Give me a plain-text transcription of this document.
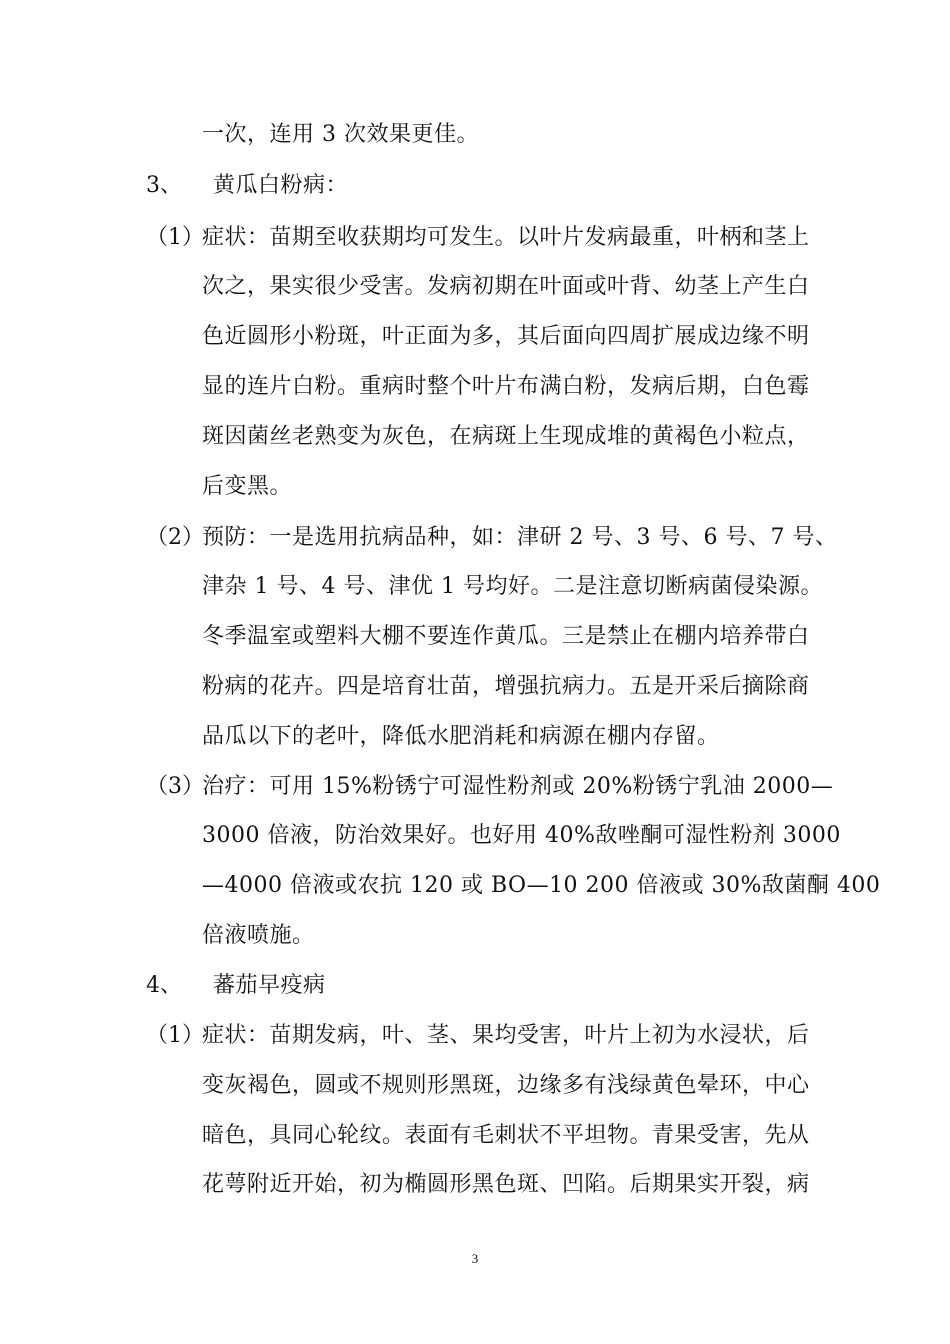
一次，连用 3 次效果更佳。
3、 黄瓜白粉病：
（1）
症状：苗期至收获期均可发生。以叶片发病最重，叶柄和茎上
次之，果实很少受害。发病初期在叶面或叶背、幼茎上产生白
色近圆形小粉斑，叶正面为多，其后面向四周扩展成边缘不明
显的连片白粉。重病时整个叶片布满白粉，发病后期，白色霉
斑因菌丝老熟变为灰色，在病斑上生现成堆的黄褐色小粒点，
后变黑。
（2）
预防：一是选用抗病品种，如：津研 2 号、3 号、6 号、7 号、
津杂 1 号、4 号、津优 1 号均好。二是注意切断病菌侵染源。
冬季温室或塑料大棚不要连作黄瓜。三是禁止在棚内培养带白
粉病的花卉。四是培育壮苗，增强抗病力。五是开采后摘除商
品瓜以下的老叶，降低水肥消耗和病源在棚内存留。
（3）
治疗：可用 15%粉锈宁可湿性粉剂或 20%粉锈宁乳油 2000—
3000 倍液，防治效果好。也好用 40%敌唑酮可湿性粉剂 3000
—4000 倍液或农抗 120 或 BO—10 200 倍液或 30%敌菌酮 400
倍液喷施。
4、 蕃茄早疫病
（1）
症状：苗期发病，叶、茎、果均受害，叶片上初为水浸状，后
变灰褐色，圆或不规则形黑斑，边缘多有浅绿黄色晕环，中心
暗色，具同心轮纹。表面有毛刺状不平坦物。青果受害，先从
花萼附近开始，初为椭圆形黑色斑、凹陷。后期果实开裂，病
3
